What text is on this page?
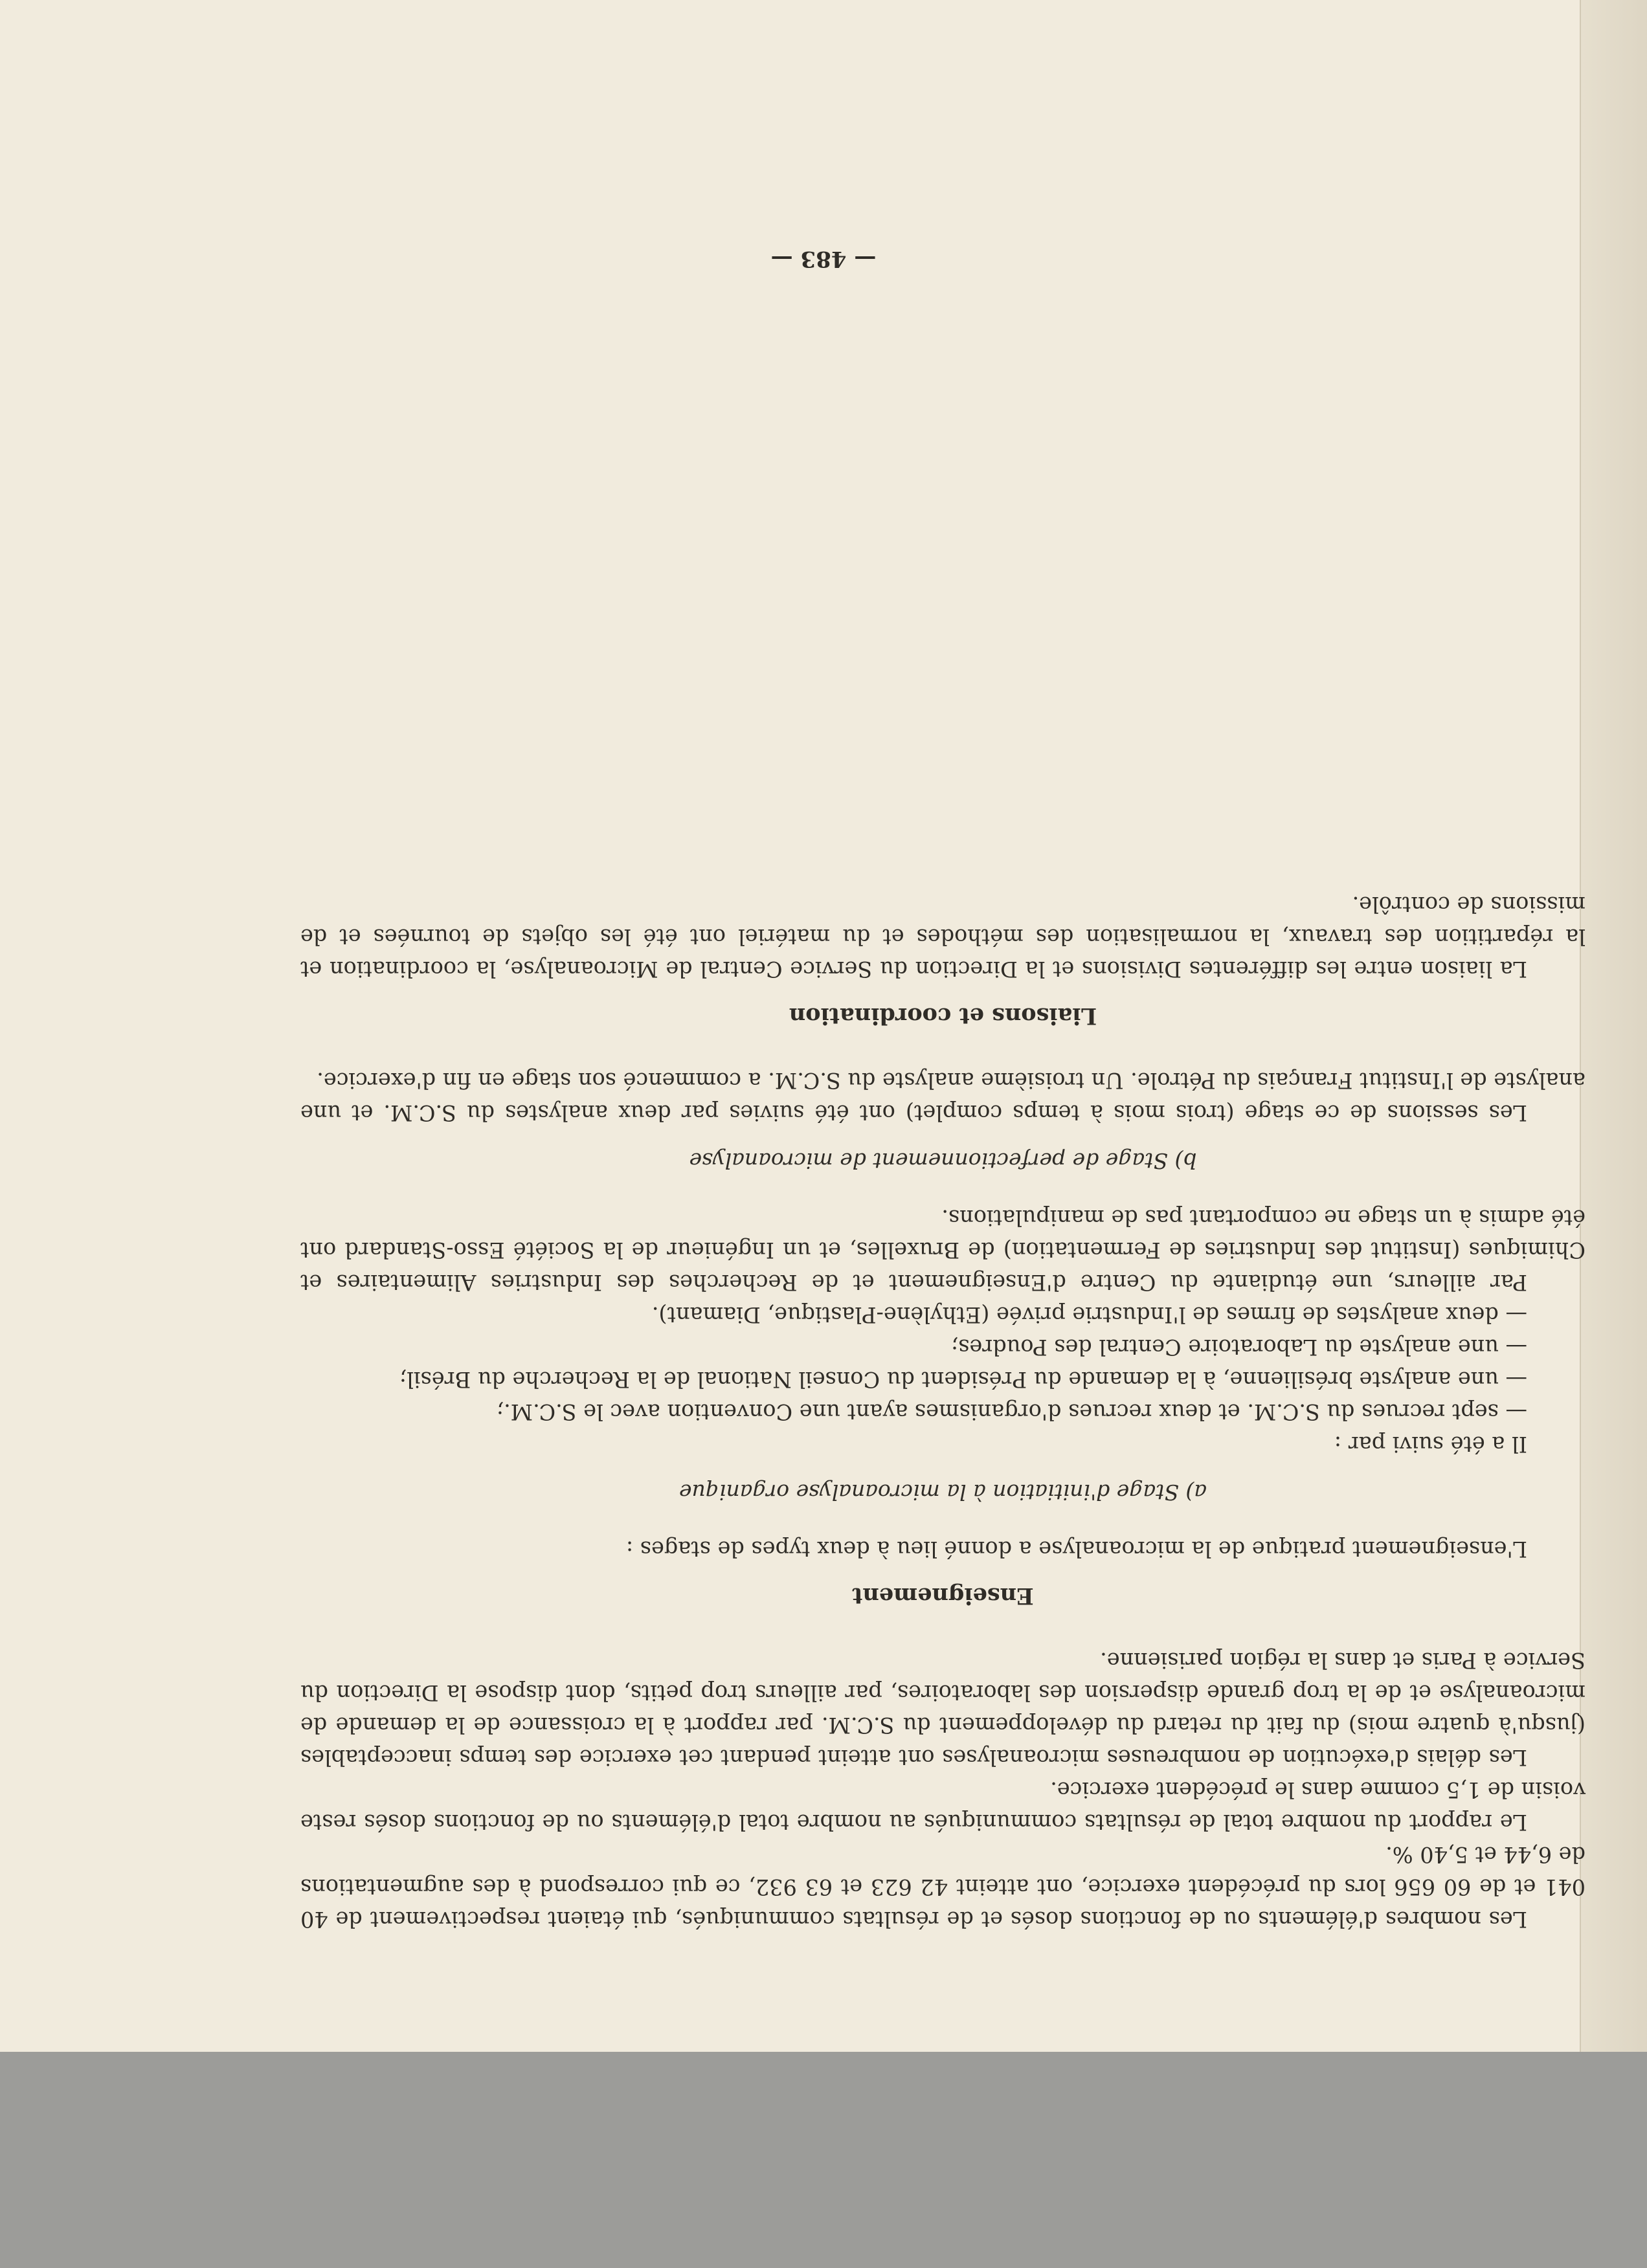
— 483 —

Les nombres d'éléments ou de fonctions dosés et de résultats communiqués, qui étaient respectivement de 40 041 et de 60 656 lors du précédent exercice, ont atteint 42 623 et 63 932, ce qui correspond à des augmentations de 6,44 et 5,40 %.

Le rapport du nombre total de résultats communiqués au nombre total d'éléments ou de fonctions dosés reste voisin de 1,5 comme dans le précédent exercice.

Les délais d'exécution de nombreuses microanalyses ont atteint pendant cet exercice des temps inacceptables (jusqu'à quatre mois) du fait du retard du développement du S.C.M. par rapport à la croissance de la demande de microanalyse et de la trop grande dispersion des laboratoires, par ailleurs trop petits, dont dispose la Direction du Service à Paris et dans la région parisienne.

Enseignement

L'enseignement pratique de la microanalyse a donné lieu à deux types de stages :

a) Stage d'initiation à la microanalyse organique

Il a été suivi par :

— sept recrues du S.C.M. et deux recrues d'organismes ayant une Convention avec le S.C.M.;

— une analyste brésilienne, à la demande du Président du Conseil National de la Recherche du Brésil;

— une analyste du Laboratoire Central des Poudres;

— deux analystes de firmes de l'Industrie privée (Ethylène-Plastique, Diamant).

Par ailleurs, une étudiante du Centre d'Enseignement et de Recherches des Industries Alimentaires et Chimiques (Institut des Industries de Fermentation) de Bruxelles, et un Ingénieur de la Société Esso-Standard ont été admis à un stage ne comportant pas de manipulations.

b) Stage de perfectionnement de microanalyse

Les sessions de ce stage (trois mois à temps complet) ont été suivies par deux analystes du S.C.M. et une analyste de l'Institut Français du Pétrole. Un troisième analyste du S.C.M. a commencé son stage en fin d'exercice.

Liaisons et coordination

La liaison entre les différentes Divisions et la Direction du Service Central de Microanalyse, la coordination et la répartition des travaux, la normalisation des méthodes et du matériel ont été les objets de tournées et de missions de contrôle.
